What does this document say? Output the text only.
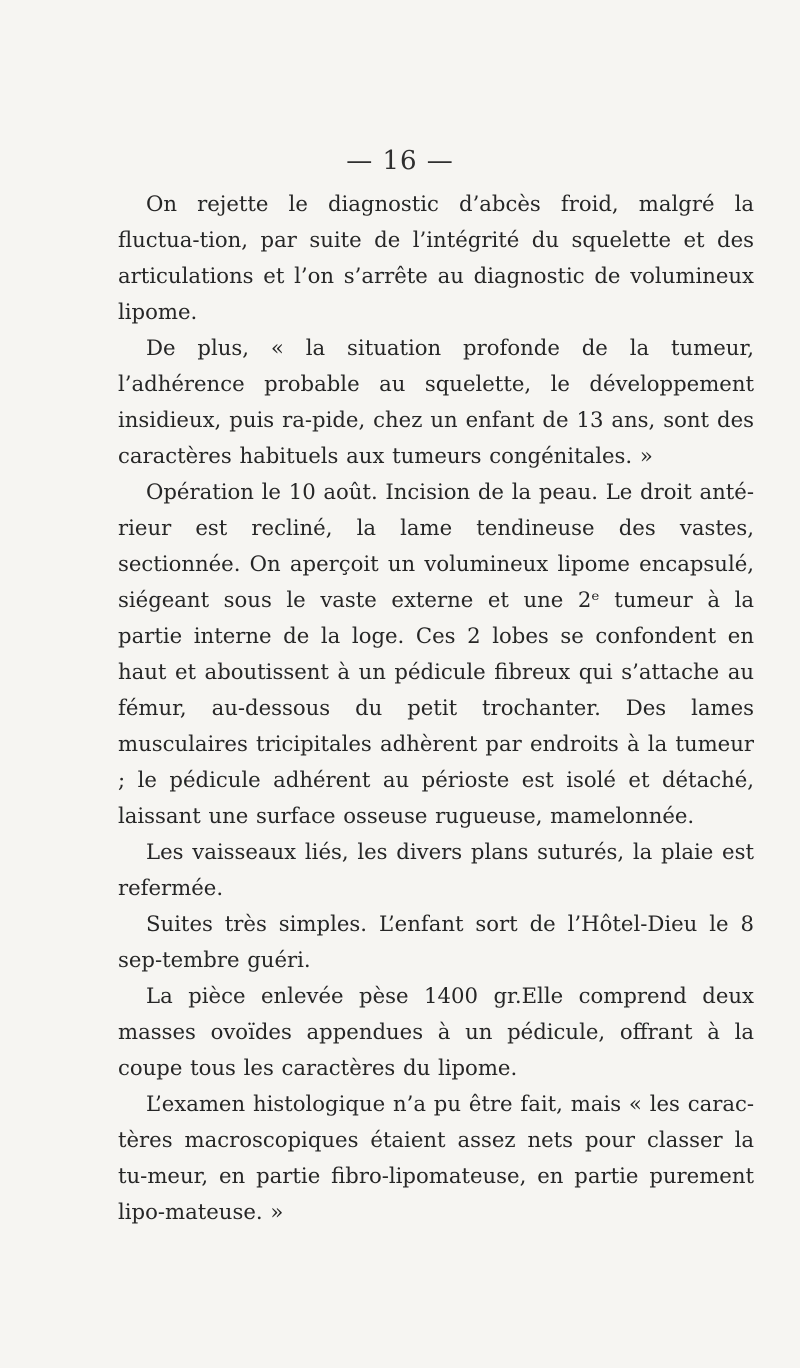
— 16 —

On rejette le diagnostic d’abcès froid, malgré la fluctua-tion, par suite de l’intégrité du squelette et des articulations et l’on s’arrête au diagnostic de volumineux lipome.

De plus, « la situation profonde de la tumeur, l’adhérence probable au squelette, le développement insidieux, puis ra-pide, chez un enfant de 13 ans, sont des caractères habituels aux tumeurs congénitales. »

Opération le 10 août. Incision de la peau. Le droit anté-rieur est recliné, la lame tendineuse des vastes, sectionnée. On aperçoit un volumineux lipome encapsulé, siégeant sous le vaste externe et une 2ᵉ tumeur à la partie interne de la loge. Ces 2 lobes se confondent en haut et aboutissent à un pédicule fibreux qui s’attache au fémur, au-dessous du petit trochanter. Des lames musculaires tricipitales adhèrent par endroits à la tumeur ; le pédicule adhérent au périoste est isolé et détaché, laissant une surface osseuse rugueuse, mamelonnée.

Les vaisseaux liés, les divers plans suturés, la plaie est refermée.

Suites très simples. L’enfant sort de l’Hôtel-Dieu le 8 sep-tembre guéri.

La pièce enlevée pèse 1400 gr.Elle comprend deux masses ovoïdes appendues à un pédicule, offrant à la coupe tous les caractères du lipome.

L’examen histologique n’a pu être fait, mais « les carac-tères macroscopiques étaient assez nets pour classer la tu-meur, en partie fibro-lipomateuse, en partie purement lipo-mateuse. »
